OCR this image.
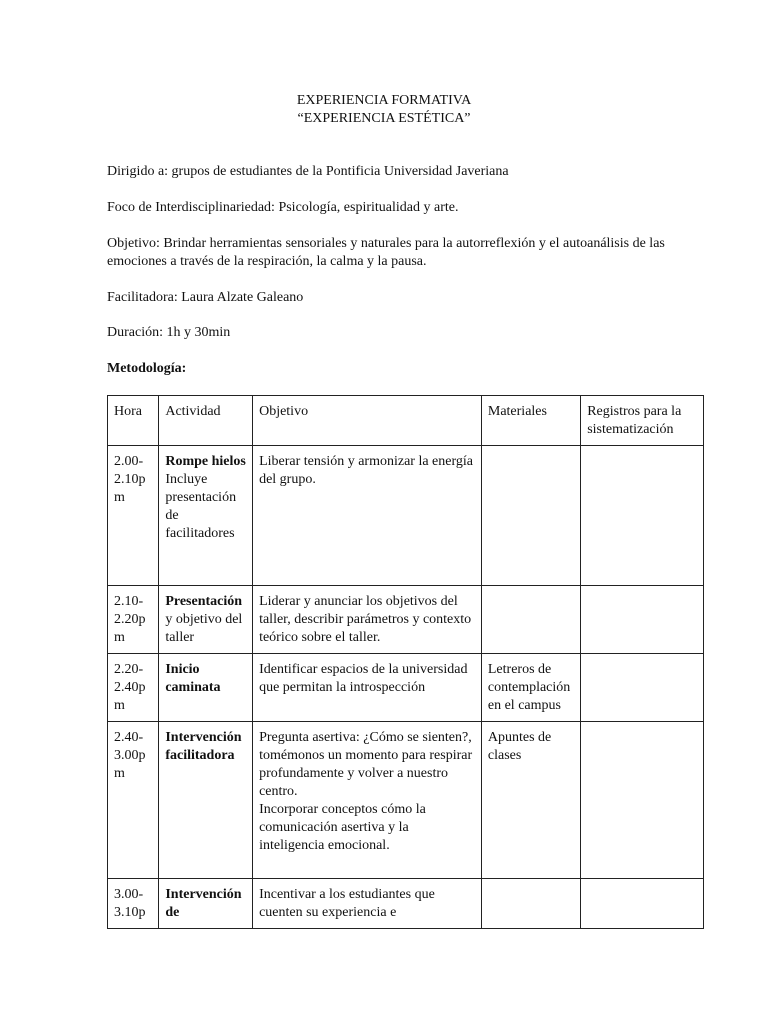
EXPERIENCIA FORMATIVA
“EXPERIENCIA ESTÉTICA”
Dirigido a: grupos de estudiantes de la Pontificia Universidad Javeriana
Foco de Interdisciplinariedad: Psicología, espiritualidad y arte.
Objetivo: Brindar herramientas sensoriales y naturales para la autorreflexión y el autoanálisis de las emociones a través de la respiración, la calma y la pausa.
Facilitadora: Laura Alzate Galeano
Duración: 1h y 30min
Metodología:
Hora	Actividad	Objetivo	Materiales	Registros para la sistematización
2.00-
2.10p
m	Rompe hielos
Incluye presentación de facilitadores	Liberar tensión y armonizar la energía del grupo.		
2.10-
2.20p
m	Presentación
y objetivo del taller	Liderar y anunciar los objetivos del taller, describir parámetros y contexto teórico sobre el taller.		
2.20-
2.40p
m	Inicio caminata	Identificar espacios de la universidad que permitan la introspección	Letreros de contemplación en el campus	
2.40-
3.00p
m	Intervención facilitadora	Pregunta asertiva: ¿Cómo se sienten?, tomémonos un momento para respirar profundamente y volver a nuestro centro.
Incorporar conceptos cómo la comunicación asertiva y la inteligencia emocional.	Apuntes de clases	
3.00-
3.10p	Intervención de	Incentivar a los estudiantes que cuenten su experiencia e		
